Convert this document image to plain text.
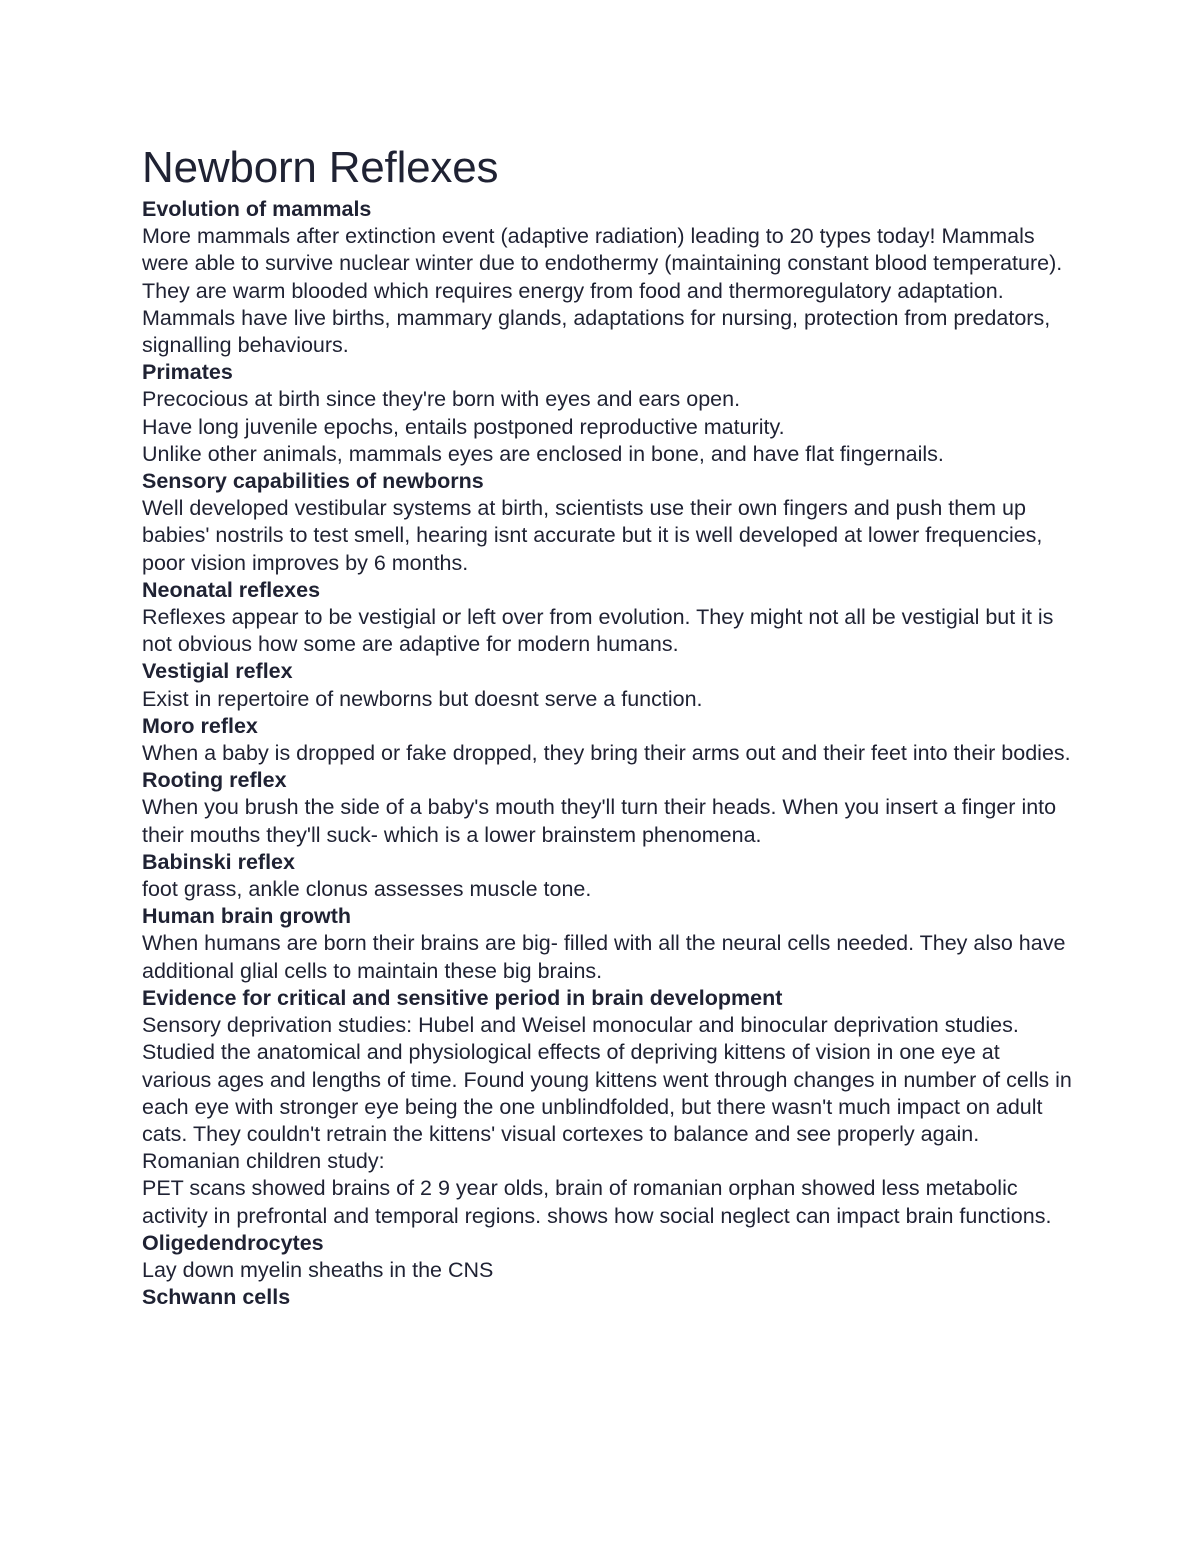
Newborn Reflexes
Evolution of mammals

More mammals after extinction event (adaptive radiation) leading to 20 types today! Mammals were able to survive nuclear winter due to endothermy (maintaining constant blood temperature). They are warm blooded which requires energy from food and thermoregulatory adaptation.

Mammals have live births, mammary glands, adaptations for nursing, protection from predators, signalling behaviours.

Primates

Precocious at birth since they're born with eyes and ears open.

Have long juvenile epochs, entails postponed reproductive maturity.

Unlike other animals, mammals eyes are enclosed in bone, and have flat fingernails.

Sensory capabilities of newborns

Well developed vestibular systems at birth, scientists use their own fingers and push them up babies' nostrils to test smell, hearing isnt accurate but it is well developed at lower frequencies, poor vision improves by 6 months.

Neonatal reflexes

Reflexes appear to be vestigial or left over from evolution. They might not all be vestigial but it is not obvious how some are adaptive for modern humans.

Vestigial reflex

Exist in repertoire of newborns but doesnt serve a function.

Moro reflex

When a baby is dropped or fake dropped, they bring their arms out and their feet into their bodies.

Rooting reflex

When you brush the side of a baby's mouth they'll turn their heads. When you insert a finger into their mouths they'll suck- which is a lower brainstem phenomena.

Babinski reflex

foot grass, ankle clonus assesses muscle tone.

Human brain growth

When humans are born their brains are big- filled with all the neural cells needed. They also have additional glial cells to maintain these big brains.

Evidence for critical and sensitive period in brain development

Sensory deprivation studies: Hubel and Weisel monocular and binocular deprivation studies. Studied the anatomical and physiological effects of depriving kittens of vision in one eye at various ages and lengths of time. Found young kittens went through changes in number of cells in each eye with stronger eye being the one unblindfolded, but there wasn't much impact on adult cats. They couldn't retrain the kittens' visual cortexes to balance and see properly again.

Romanian children study:

PET scans showed brains of 2 9 year olds, brain of romanian orphan showed less metabolic activity in prefrontal and temporal regions. shows how social neglect can impact brain functions.

Oligedendrocytes

Lay down myelin sheaths in the CNS

Schwann cells
